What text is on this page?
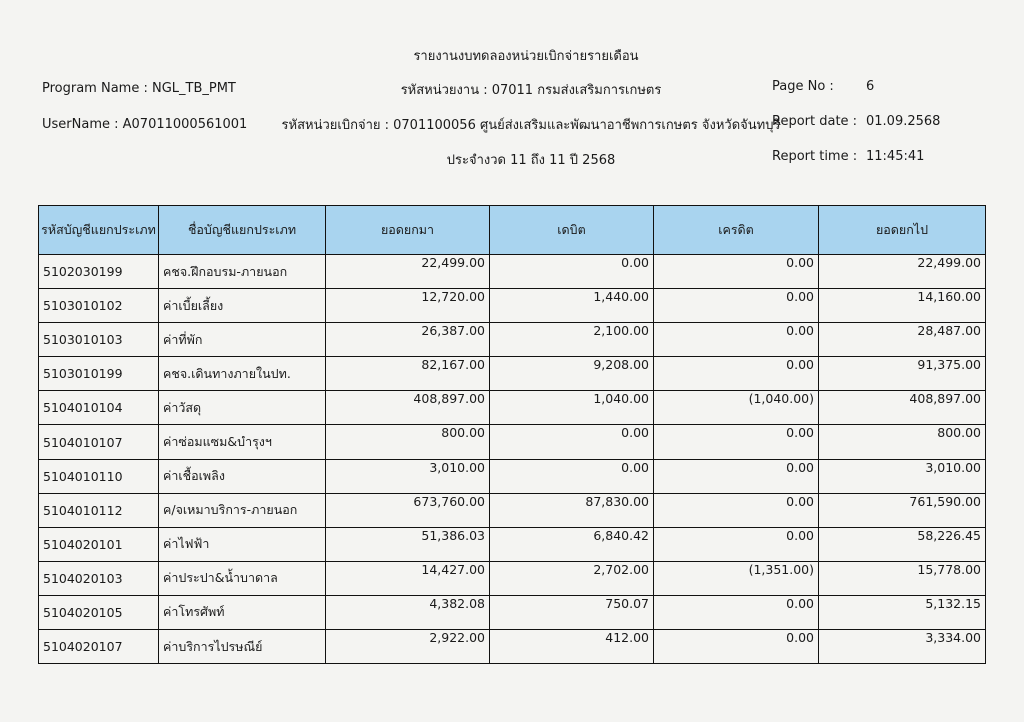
รายงานงบทดลองหน่วยเบิกจ่ายรายเดือน
Program Name : NGL_TB_PMT	รหัสหน่วยงาน : 07011 กรมส่งเสริมการเกษตร	Page No : 6
UserName : A07011000561001	รหัสหน่วยเบิกจ่าย : 0701100056 ศูนย์ส่งเสริมและพัฒนาอาชีพการเกษตร จังหวัดจันทบุรี
Report date : 01.09.2568
ประจำงวด 11 ถึง 11 ปี 2568	Report time : 11:45:41
รหัสบัญชีแยกประเภท	ชื่อบัญชีแยกประเภท	ยอดยกมา	เดบิต	เครดิต	ยอดยกไป
5102030199	คชจ.ฝึกอบรม-ภายนอก	22,499.00	0.00	0.00	22,499.00
5103010102	ค่าเบี้ยเลี้ยง	12,720.00	1,440.00	0.00	14,160.00
5103010103	ค่าที่พัก	26,387.00	2,100.00	0.00	28,487.00
5103010199	คชจ.เดินทางภายในปท.	82,167.00	9,208.00	0.00	91,375.00
5104010104	ค่าวัสดุ	408,897.00	1,040.00	(1,040.00)	408,897.00
5104010107	ค่าซ่อมแซม&บำรุงฯ	800.00	0.00	0.00	800.00
5104010110	ค่าเชื้อเพลิง	3,010.00	0.00	0.00	3,010.00
5104010112	ค/จเหมาบริการ-ภายนอก	673,760.00	87,830.00	0.00	761,590.00
5104020101	ค่าไฟฟ้า	51,386.03	6,840.42	0.00	58,226.45
5104020103	ค่าประปา&น้ำบาดาล	14,427.00	2,702.00	(1,351.00)	15,778.00
5104020105	ค่าโทรศัพท์	4,382.08	750.07	0.00	5,132.15
5104020107	ค่าบริการไปรษณีย์	2,922.00	412.00	0.00	3,334.00
